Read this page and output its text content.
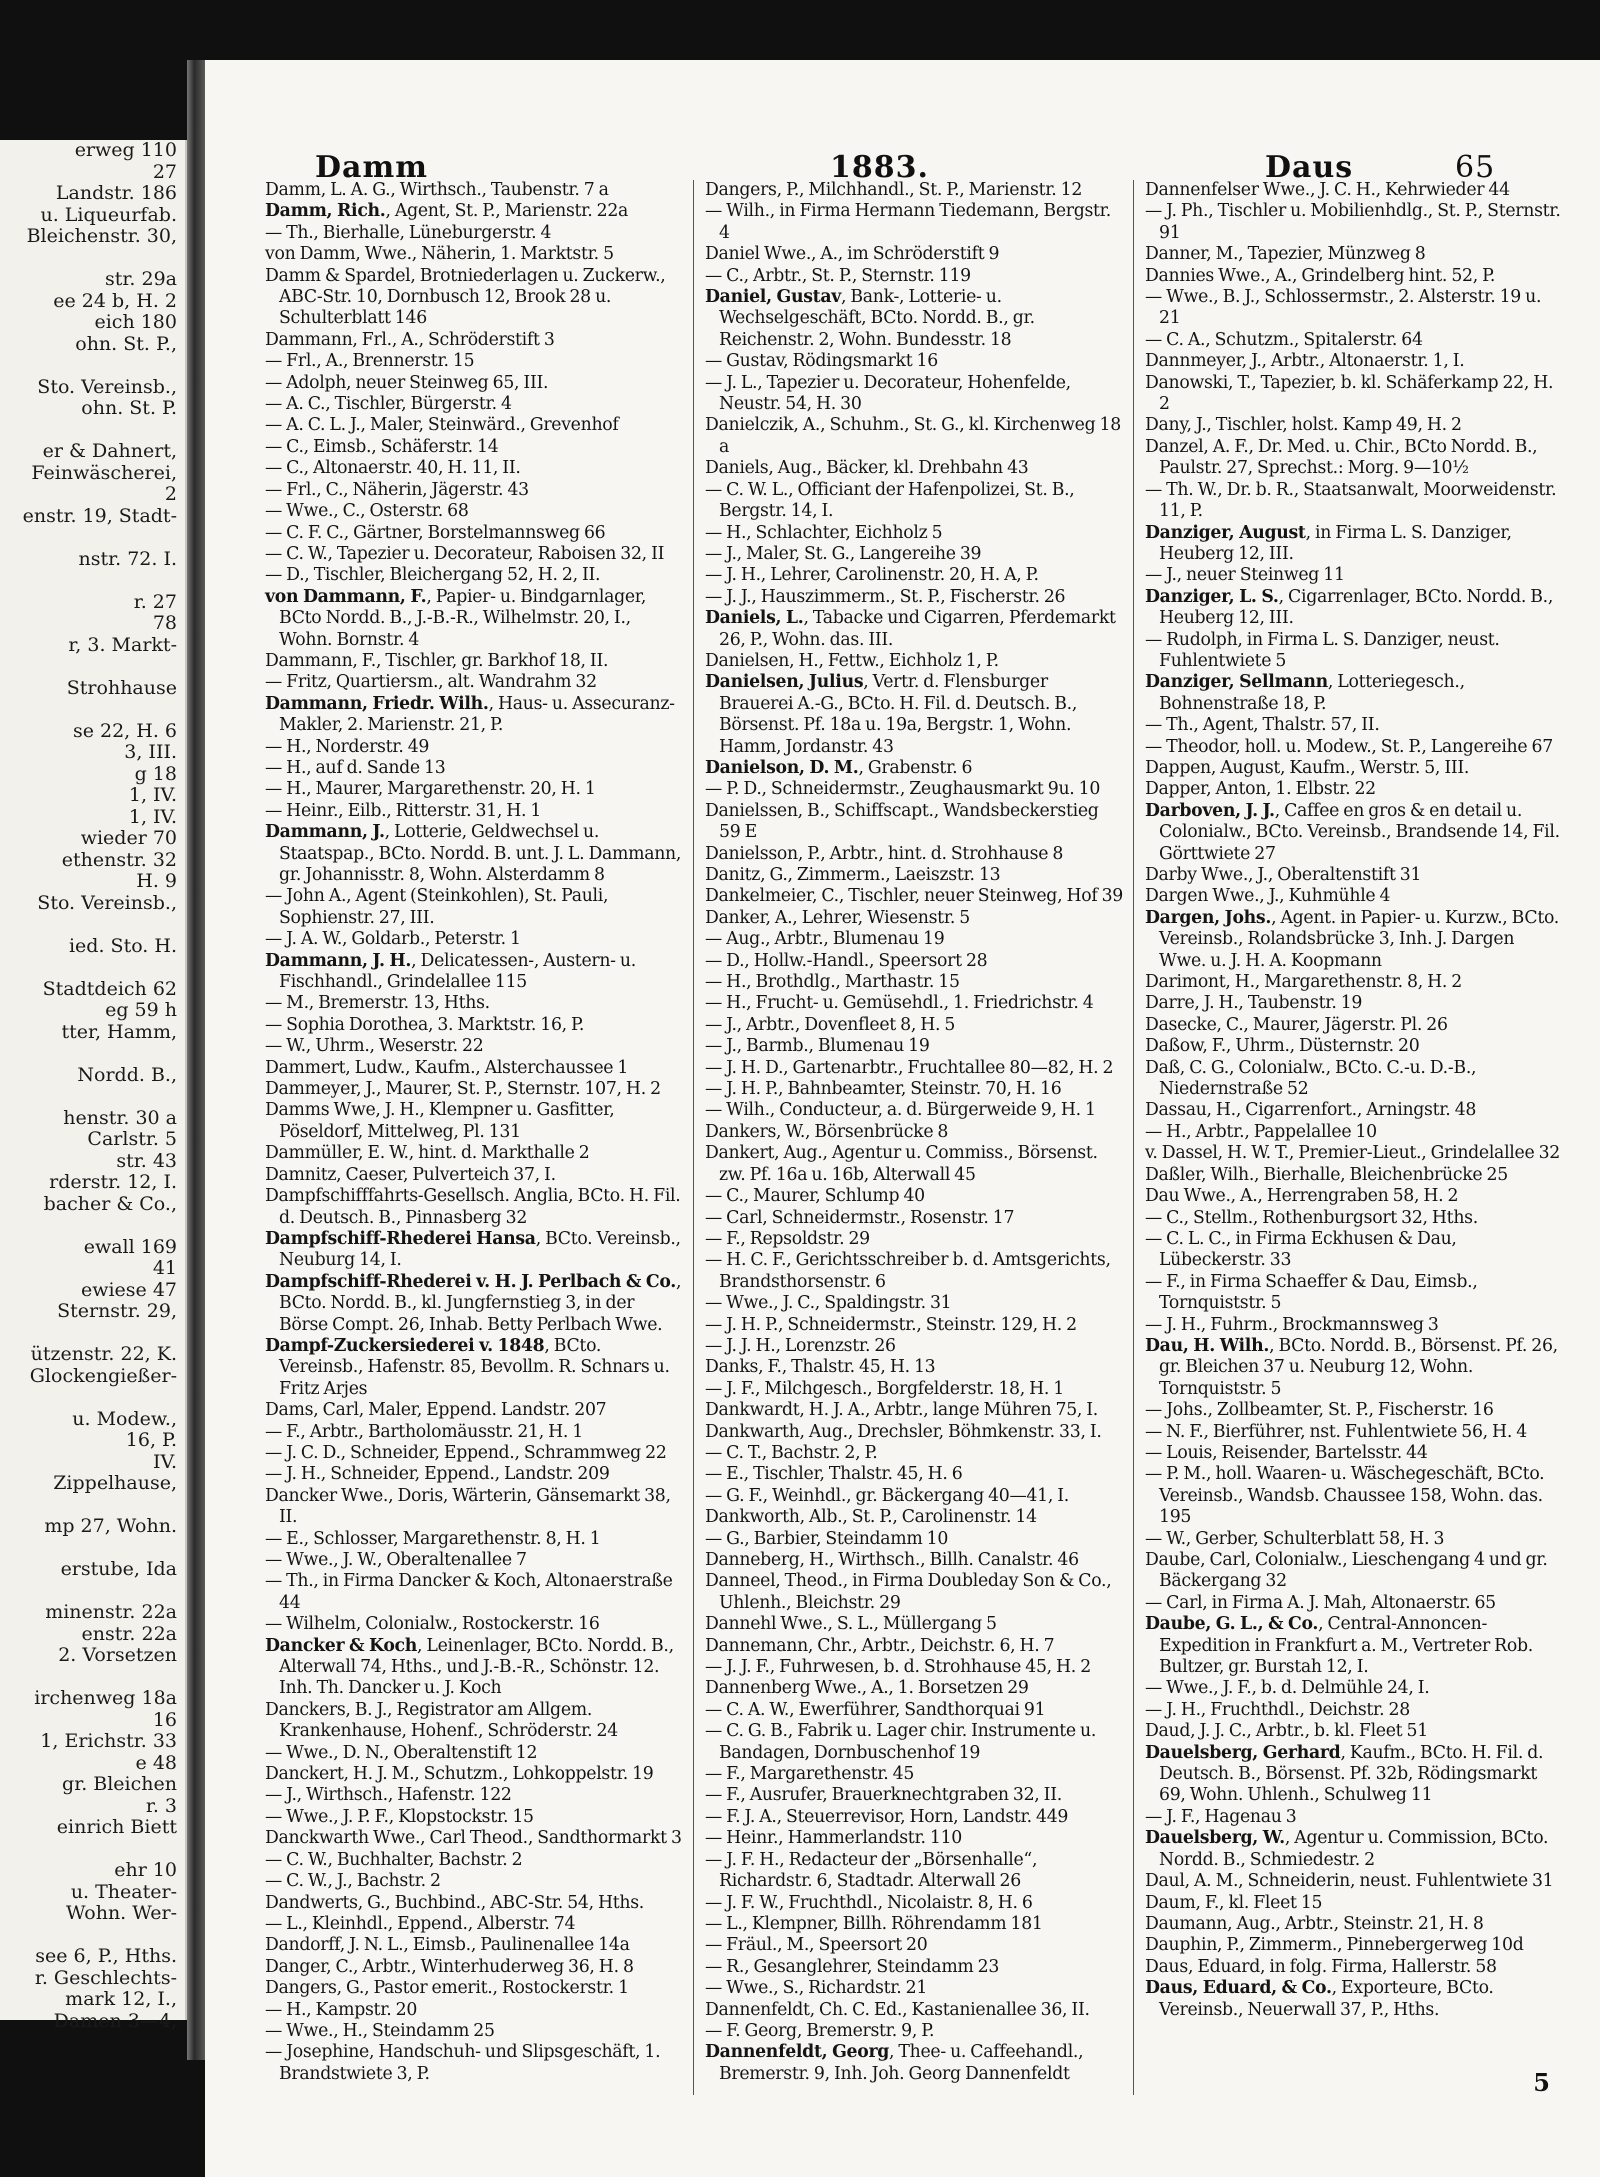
erweg 110
27
Landstr. 186
u. Liqueurfab.
Bleichenstr. 30,
str. 29a
ee 24 b, H. 2
eich 180
ohn. St. P.,
Sto. Vereinsb.,
ohn. St. P.
er & Dahnert,
Feinwäscherei,
2
enstr. 19, Stadt-
nstr. 72. I.
r. 27
78
r, 3. Markt-
Strohhause
se 22, H. 6
3, III.
g 18
1, IV.
1, IV.
wieder 70
ethenstr. 32
H. 9
Sto. Vereinsb.,
ied. Sto. H.
Stadtdeich 62
eg 59 h
tter, Hamm,
Nordd. B.,
henstr. 30 a
Carlstr. 5
str. 43
rderstr. 12, I.
bacher & Co.,
ewall 169
41
ewiese 47
Sternstr. 29,
ützenstr. 22, K.
Glockengießer-
u. Modew.,
16, P.
IV.
Zippelhause,
mp 27, Wohn.
erstube, Ida
minenstr. 22a
enstr. 22a
2. Vorsetzen
irchenweg 18a
16
1, Erichstr. 33
e 48
gr. Bleichen
r. 3
einrich Biett
ehr 10
u. Theater-
Wohn. Wer-
see 6, P., Hths.
r. Geschlechts-
mark 12, I.,
Damen 3—4,
Damm	1883.	Daus	65
Damm, L. A. G., Wirthsch., Taubenstr. 7 a
Damm, Rich., Agent, St. P., Marienstr. 22a
— Th., Bierhalle, Lüneburgerstr. 4
von Damm, Wwe., Näherin, 1. Marktstr. 5
Damm & Spardel, Brotniederlagen u. Zuckerw., ABC-Str. 10, Dornbusch 12, Brook 28 u. Schulterblatt 146
Dammann, Frl., A., Schröderstift 3
— Frl., A., Brennerstr. 15
— Adolph, neuer Steinweg 65, III.
— A. C., Tischler, Bürgerstr. 4
— A. C. L. J., Maler, Steinwärd., Grevenhof
— C., Eimsb., Schäferstr. 14
— C., Altonaerstr. 40, H. 11, II.
— Frl., C., Näherin, Jägerstr. 43
— Wwe., C., Osterstr. 68
— C. F. C., Gärtner, Borstelmannsweg 66
— C. W., Tapezier u. Decorateur, Raboisen 32, II
— D., Tischler, Bleichergang 52, H. 2, II.
von Dammann, F., Papier- u. Bindgarnlager, BCto Nordd. B., J.-B.-R., Wilhelmstr. 20, I., Wohn. Bornstr. 4
Dammann, F., Tischler, gr. Barkhof 18, II.
— Fritz, Quartiersm., alt. Wandrahm 32
Dammann, Friedr. Wilh., Haus- u. Assecuranz-Makler, 2. Marienstr. 21, P.
— H., Norderstr. 49
— H., auf d. Sande 13
— H., Maurer, Margarethenstr. 20, H. 1
— Heinr., Eilb., Ritterstr. 31, H. 1
Dammann, J., Lotterie, Geldwechsel u. Staatspap., BCto. Nordd. B. unt. J. L. Dammann, gr. Johannisstr. 8, Wohn. Alsterdamm 8
— John A., Agent (Steinkohlen), St. Pauli, Sophienstr. 27, III.
— J. A. W., Goldarb., Peterstr. 1
Dammann, J. H., Delicatessen-, Austern- u. Fischhandl., Grindelallee 115
— M., Bremerstr. 13, Hths.
— Sophia Dorothea, 3. Marktstr. 16, P.
— W., Uhrm., Weserstr. 22
Dammert, Ludw., Kaufm., Alsterchaussee 1
Dammeyer, J., Maurer, St. P., Sternstr. 107, H. 2
Damms Wwe, J. H., Klempner u. Gasfitter, Pöseldorf, Mittelweg, Pl. 131
Dammüller, E. W., hint. d. Markthalle 2
Damnitz, Caeser, Pulverteich 37, I.
Dampfschifffahrts-Gesellsch. Anglia, BCto. H. Fil. d. Deutsch. B., Pinnasberg 32
Dampfschiff-Rhederei Hansa, BCto. Vereinsb., Neuburg 14, I.
Dampfschiff-Rhederei v. H. J. Perlbach & Co., BCto. Nordd. B., kl. Jungfernstieg 3, in der Börse Compt. 26, Inhab. Betty Perlbach Wwe.
Dampf-Zuckersiederei v. 1848, BCto. Vereinsb., Hafenstr. 85, Bevollm. R. Schnars u. Fritz Arjes
Dams, Carl, Maler, Eppend. Landstr. 207
— F., Arbtr., Bartholomäusstr. 21, H. 1
— J. C. D., Schneider, Eppend., Schrammweg 22
— J. H., Schneider, Eppend., Landstr. 209
Dancker Wwe., Doris, Wärterin, Gänsemarkt 38, II.
— E., Schlosser, Margarethenstr. 8, H. 1
— Wwe., J. W., Oberaltenallee 7
— Th., in Firma Dancker & Koch, Altonaerstraße 44
— Wilhelm, Colonialw., Rostockerstr. 16
Dancker & Koch, Leinenlager, BCto. Nordd. B., Alterwall 74, Hths., und J.-B.-R., Schönstr. 12. Inh. Th. Dancker u. J. Koch
Danckers, B. J., Registrator am Allgem. Krankenhause, Hohenf., Schröderstr. 24
— Wwe., D. N., Oberaltenstift 12
Danckert, H. J. M., Schutzm., Lohkoppelstr. 19
— J., Wirthsch., Hafenstr. 122
— Wwe., J. P. F., Klopstockstr. 15
Danckwarth Wwe., Carl Theod., Sandthormarkt 3
— C. W., Buchhalter, Bachstr. 2
— C. W., J., Bachstr. 2
Dandwerts, G., Buchbind., ABC-Str. 54, Hths.
— L., Kleinhdl., Eppend., Alberstr. 74
Dandorff, J. N. L., Eimsb., Paulinenallee 14a
Danger, C., Arbtr., Winterhuderweg 36, H. 8
Dangers, G., Pastor emerit., Rostockerstr. 1
— H., Kampstr. 20
— Wwe., H., Steindamm 25
— Josephine, Handschuh- und Slipsgeschäft, 1. Brandstwiete 3, P.
Dangers, P., Milchhandl., St. P., Marienstr. 12
— Wilh., in Firma Hermann Tiedemann, Bergstr. 4
Daniel Wwe., A., im Schröderstift 9
— C., Arbtr., St. P., Sternstr. 119
Daniel, Gustav, Bank-, Lotterie- u. Wechselgeschäft, BCto. Nordd. B., gr. Reichenstr. 2, Wohn. Bundesstr. 18
— Gustav, Rödingsmarkt 16
— J. L., Tapezier u. Decorateur, Hohenfelde, Neustr. 54, H. 30
Danielczik, A., Schuhm., St. G., kl. Kirchenweg 18 a
Daniels, Aug., Bäcker, kl. Drehbahn 43
— C. W. L., Officiant der Hafenpolizei, St. B., Bergstr. 14, I.
— H., Schlachter, Eichholz 5
— J., Maler, St. G., Langereihe 39
— J. H., Lehrer, Carolinenstr. 20, H. A, P.
— J. J., Hauszimmerm., St. P., Fischerstr. 26
Daniels, L., Tabacke und Cigarren, Pferdemarkt 26, P., Wohn. das. III.
Danielsen, H., Fettw., Eichholz 1, P.
Danielsen, Julius, Vertr. d. Flensburger Brauerei A.-G., BCto. H. Fil. d. Deutsch. B., Börsenst. Pf. 18a u. 19a, Bergstr. 1, Wohn. Hamm, Jordanstr. 43
Danielson, D. M., Grabenstr. 6
— P. D., Schneidermstr., Zeughausmarkt 9u. 10
Danielssen, B., Schiffscapt., Wandsbeckerstieg 59 E
Danielsson, P., Arbtr., hint. d. Strohhause 8
Danitz, G., Zimmerm., Laeiszstr. 13
Dankelmeier, C., Tischler, neuer Steinweg, Hof 39
Danker, A., Lehrer, Wiesenstr. 5
— Aug., Arbtr., Blumenau 19
— D., Hollw.-Handl., Speersort 28
— H., Brothdlg., Marthastr. 15
— H., Frucht- u. Gemüsehdl., 1. Friedrichstr. 4
— J., Arbtr., Dovenfleet 8, H. 5
— J., Barmb., Blumenau 19
— J. H. D., Gartenarbtr., Fruchtallee 80—82, H. 2
— J. H. P., Bahnbeamter, Steinstr. 70, H. 16
— Wilh., Conducteur, a. d. Bürgerweide 9, H. 1
Dankers, W., Börsenbrücke 8
Dankert, Aug., Agentur u. Commiss., Börsenst. zw. Pf. 16a u. 16b, Alterwall 45
— C., Maurer, Schlump 40
— Carl, Schneidermstr., Rosenstr. 17
— F., Repsoldstr. 29
— H. C. F., Gerichtsschreiber b. d. Amtsgerichts, Brandsthorsenstr. 6
— Wwe., J. C., Spaldingstr. 31
— J. H. P., Schneidermstr., Steinstr. 129, H. 2
— J. J. H., Lorenzstr. 26
Danks, F., Thalstr. 45, H. 13
— J. F., Milchgesch., Borgfelderstr. 18, H. 1
Dankwardt, H. J. A., Arbtr., lange Mühren 75, I.
Dankwarth, Aug., Drechsler, Böhmkenstr. 33, I.
— C. T., Bachstr. 2, P.
— E., Tischler, Thalstr. 45, H. 6
— G. F., Weinhdl., gr. Bäckergang 40—41, I.
Dankworth, Alb., St. P., Carolinenstr. 14
— G., Barbier, Steindamm 10
Danneberg, H., Wirthsch., Billh. Canalstr. 46
Danneel, Theod., in Firma Doubleday Son & Co., Uhlenh., Bleichstr. 29
Dannehl Wwe., S. L., Müllergang 5
Dannemann, Chr., Arbtr., Deichstr. 6, H. 7
— J. J. F., Fuhrwesen, b. d. Strohhause 45, H. 2
Dannenberg Wwe., A., 1. Borsetzen 29
— C. A. W., Ewerführer, Sandthorquai 91
— C. G. B., Fabrik u. Lager chir. Instrumente u. Bandagen, Dornbuschenhof 19
— F., Margarethenstr. 45
— F., Ausrufer, Brauerknechtgraben 32, II.
— F. J. A., Steuerrevisor, Horn, Landstr. 449
— Heinr., Hammerlandstr. 110
— J. F. H., Redacteur der „Börsenhalle“, Richardstr. 6, Stadtadr. Alterwall 26
— J. F. W., Fruchthdl., Nicolaistr. 8, H. 6
— L., Klempner, Billh. Röhrendamm 181
— Fräul., M., Speersort 20
— R., Gesanglehrer, Steindamm 23
— Wwe., S., Richardstr. 21
Dannenfeldt, Ch. C. Ed., Kastanienallee 36, II.
— F. Georg, Bremerstr. 9, P.
Dannenfeldt, Georg, Thee- u. Caffeehandl., Bremerstr. 9, Inh. Joh. Georg Dannenfeldt
Dannenfelser Wwe., J. C. H., Kehrwieder 44
— J. Ph., Tischler u. Mobilienhdlg., St. P., Sternstr. 91
Danner, M., Tapezier, Münzweg 8
Dannies Wwe., A., Grindelberg hint. 52, P.
— Wwe., B. J., Schlossermstr., 2. Alsterstr. 19 u. 21
— C. A., Schutzm., Spitalerstr. 64
Dannmeyer, J., Arbtr., Altonaerstr. 1, I.
Danowski, T., Tapezier, b. kl. Schäferkamp 22, H. 2
Dany, J., Tischler, holst. Kamp 49, H. 2
Danzel, A. F., Dr. Med. u. Chir., BCto Nordd. B., Paulstr. 27, Sprechst.: Morg. 9—10½
— Th. W., Dr. b. R., Staatsanwalt, Moorweidenstr. 11, P.
Danziger, August, in Firma L. S. Danziger, Heuberg 12, III.
— J., neuer Steinweg 11
Danziger, L. S., Cigarrenlager, BCto. Nordd. B., Heuberg 12, III.
— Rudolph, in Firma L. S. Danziger, neust. Fuhlentwiete 5
Danziger, Sellmann, Lotteriegesch., Bohnenstraße 18, P.
— Th., Agent, Thalstr. 57, II.
— Theodor, holl. u. Modew., St. P., Langereihe 67
Dappen, August, Kaufm., Werstr. 5, III.
Dapper, Anton, 1. Elbstr. 22
Darboven, J. J., Caffee en gros & en detail u. Colonialw., BCto. Vereinsb., Brandsende 14, Fil. Görttwiete 27
Darby Wwe., J., Oberaltenstift 31
Dargen Wwe., J., Kuhmühle 4
Dargen, Johs., Agent. in Papier- u. Kurzw., BCto. Vereinsb., Rolandsbrücke 3, Inh. J. Dargen Wwe. u. J. H. A. Koopmann
Darimont, H., Margarethenstr. 8, H. 2
Darre, J. H., Taubenstr. 19
Dasecke, C., Maurer, Jägerstr. Pl. 26
Daßow, F., Uhrm., Düsternstr. 20
Daß, C. G., Colonialw., BCto. C.-u. D.-B., Niedernstraße 52
Dassau, H., Cigarrenfort., Arningstr. 48
— H., Arbtr., Pappelallee 10
v. Dassel, H. W. T., Premier-Lieut., Grindelallee 32
Daßler, Wilh., Bierhalle, Bleichenbrücke 25
Dau Wwe., A., Herrengraben 58, H. 2
— C., Stellm., Rothenburgsort 32, Hths.
— C. L. C., in Firma Eckhusen & Dau, Lübeckerstr. 33
— F., in Firma Schaeffer & Dau, Eimsb., Tornquiststr. 5
— J. H., Fuhrm., Brockmannsweg 3
Dau, H. Wilh., BCto. Nordd. B., Börsenst. Pf. 26, gr. Bleichen 37 u. Neuburg 12, Wohn. Tornquiststr. 5
— Johs., Zollbeamter, St. P., Fischerstr. 16
— N. F., Bierführer, nst. Fuhlentwiete 56, H. 4
— Louis, Reisender, Bartelsstr. 44
— P. M., holl. Waaren- u. Wäschegeschäft, BCto. Vereinsb., Wandsb. Chaussee 158, Wohn. das. 195
— W., Gerber, Schulterblatt 58, H. 3
Daube, Carl, Colonialw., Lieschengang 4 und gr. Bäckergang 32
— Carl, in Firma A. J. Mah, Altonaerstr. 65
Daube, G. L., & Co., Central-Annoncen-Expedition in Frankfurt a. M., Vertreter Rob. Bultzer, gr. Burstah 12, I.
— Wwe., J. F., b. d. Delmühle 24, I.
— J. H., Fruchthdl., Deichstr. 28
Daud, J. J. C., Arbtr., b. kl. Fleet 51
Dauelsberg, Gerhard, Kaufm., BCto. H. Fil. d. Deutsch. B., Börsenst. Pf. 32b, Rödingsmarkt 69, Wohn. Uhlenh., Schulweg 11
— J. F., Hagenau 3
Dauelsberg, W., Agentur u. Commission, BCto. Nordd. B., Schmiedestr. 2
Daul, A. M., Schneiderin, neust. Fuhlentwiete 31
Daum, F., kl. Fleet 15
Daumann, Aug., Arbtr., Steinstr. 21, H. 8
Dauphin, P., Zimmerm., Pinnebergerweg 10d
Daus, Eduard, in folg. Firma, Hallerstr. 58
Daus, Eduard, & Co., Exporteure, BCto. Vereinsb., Neuerwall 37, P., Hths.
5
